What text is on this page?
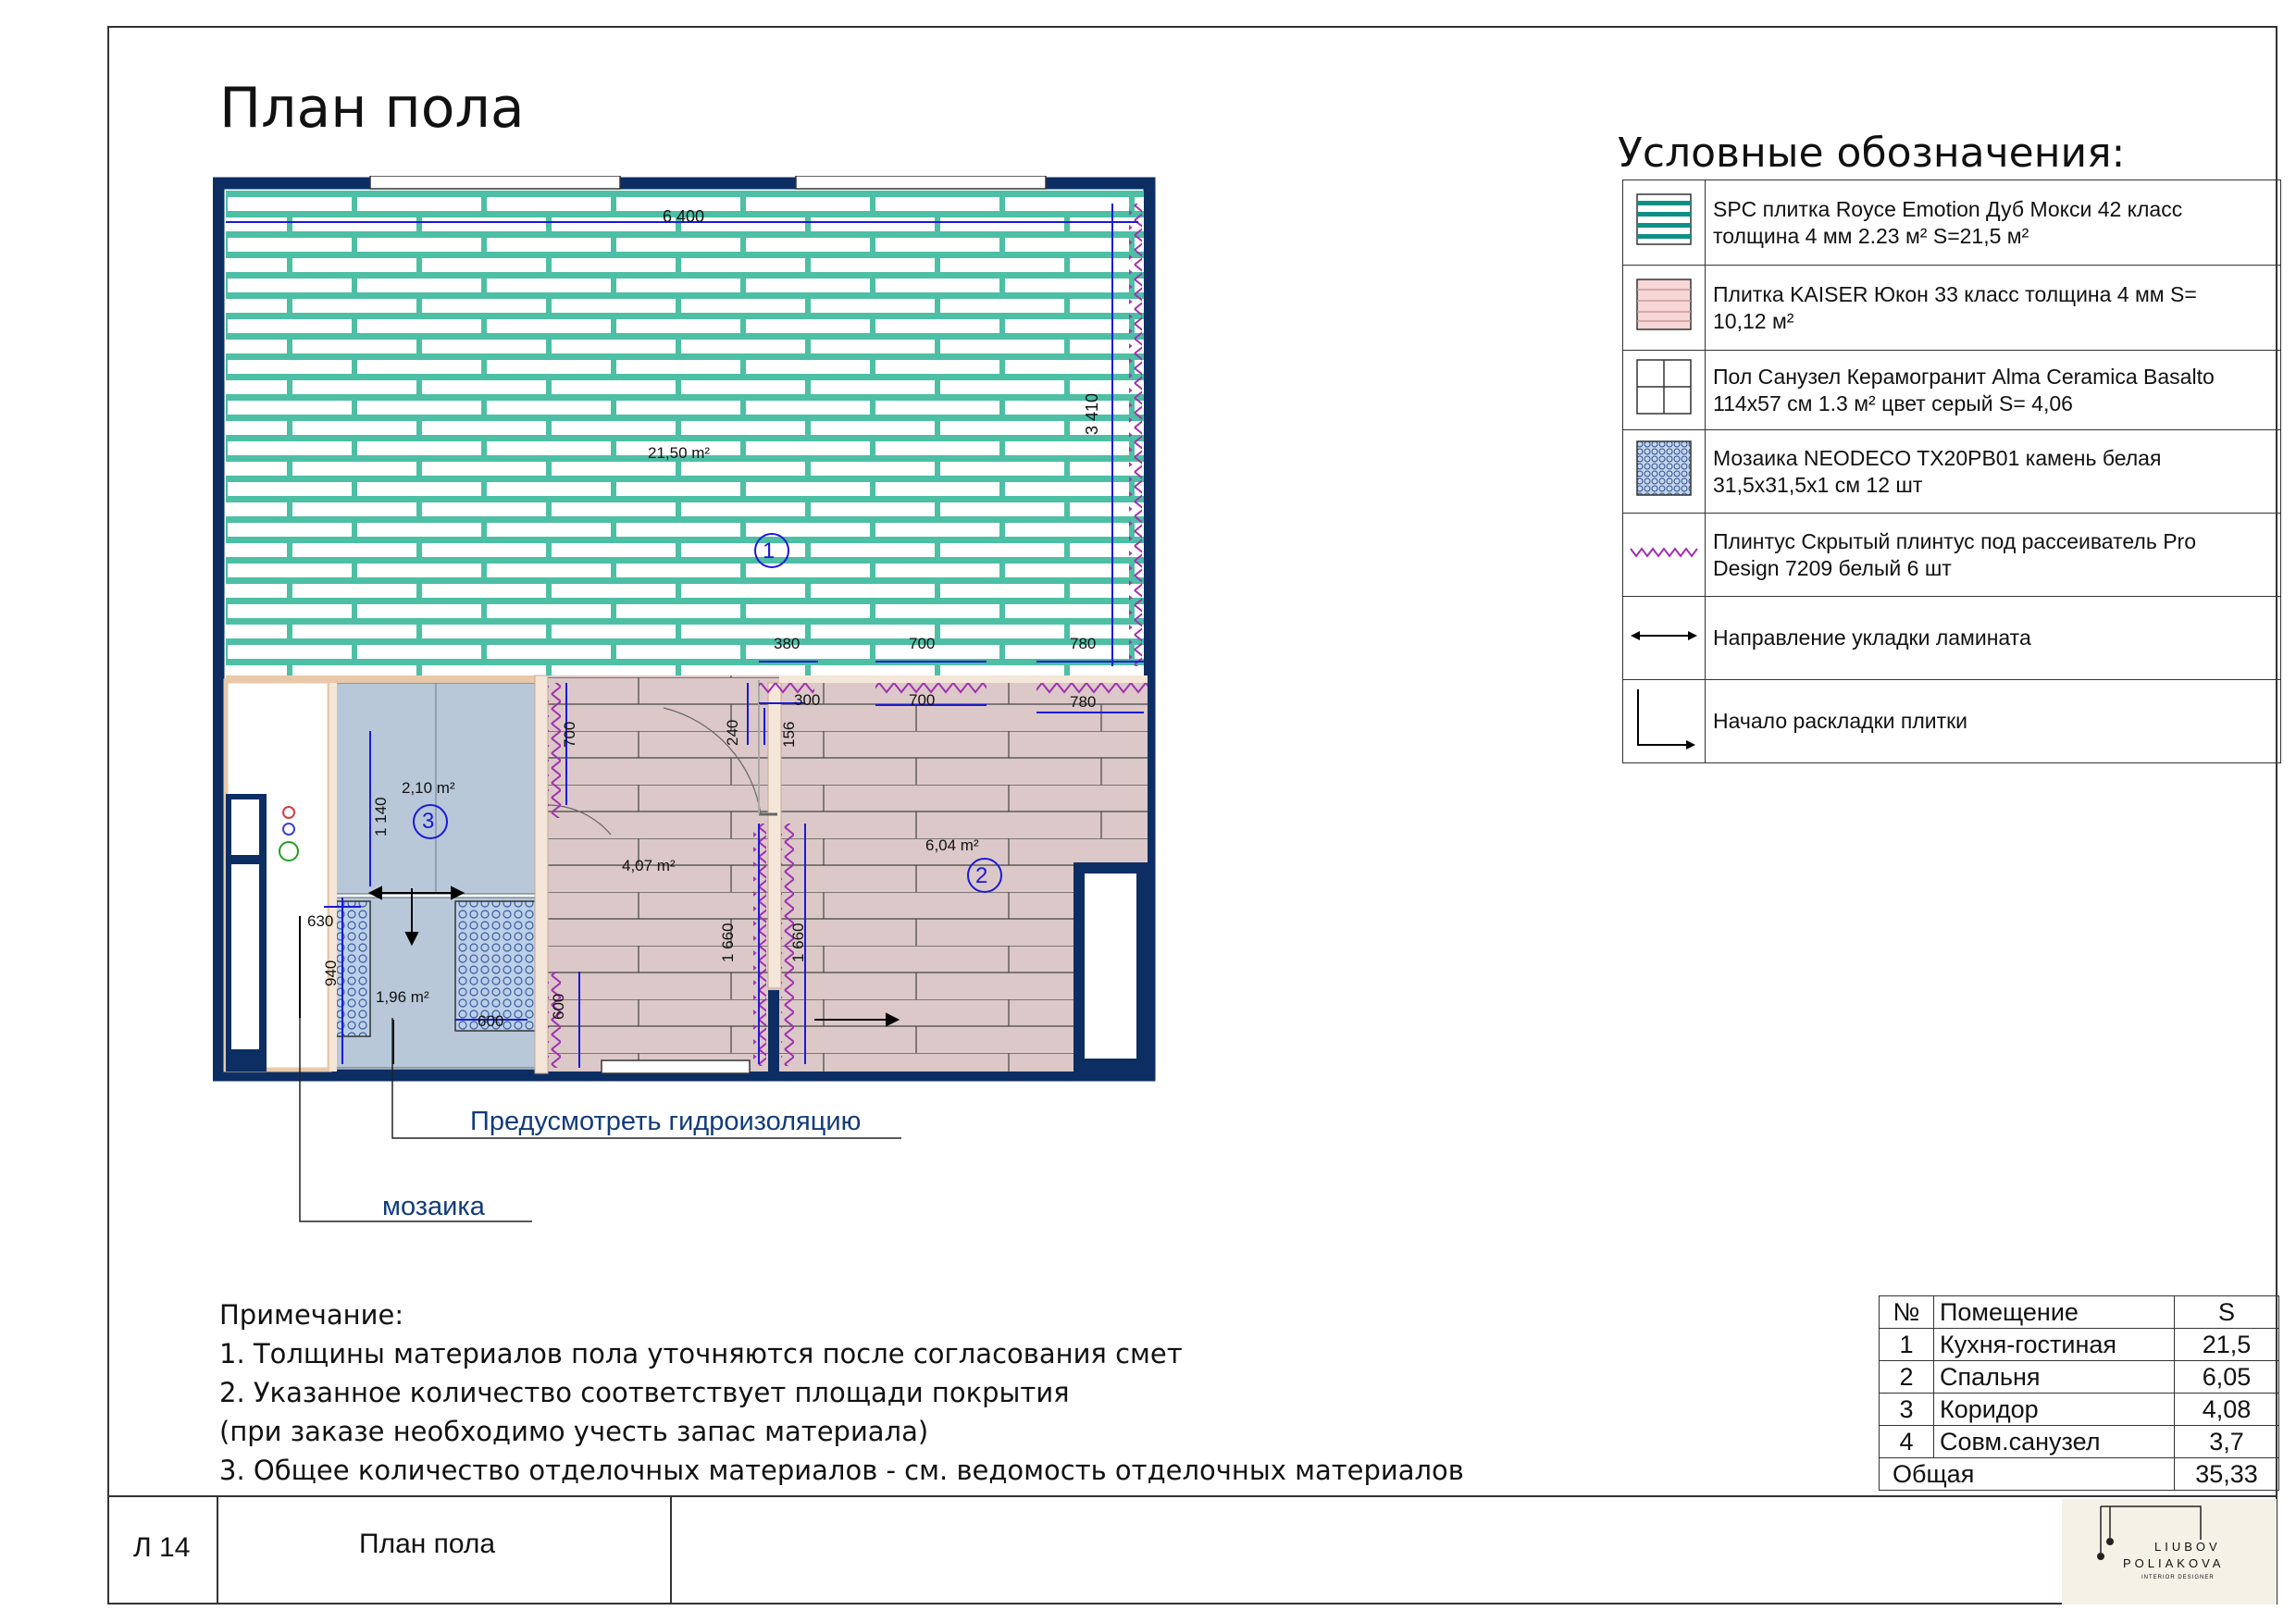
План пола
6 400
3 410
380	700	780
300	700	780
700	240 156
1 140
1 660	1 660
630
940
600
600
21,50 m²
6,04 m²
2,10 m²
4,07 m²
1,96 m²
1
2
3
Предусмотреть гидроизоляцию
мозаика
Условные обозначения:

SPC плитка Royce Emotion Дуб Мокси 42 класс
толщина 4 мм 2.23 м² S=21,5 м²

Плитка KAISER Юкон 33 класс толщина 4 мм S=
10,12 м²

Пол Санузел Керамогранит Alma Ceramica Basalto
114х57 см 1.3 м² цвет серый S= 4,06

Мозаика NEODECO TX20PB01 камень белая
31,5х31,5х1 см 12 шт

Плинтус Скрытый плинтус под рассеиватель Pro
Design 7209 белый 6 шт

Направление укладки ламината

Начало раскладки плитки
Примечание:
1. Толщины материалов пола уточняются после согласования смет
2. Указанное количество соответствует площади покрытия
(при заказе необходимо учесть запас материала)
3. Общее количество отделочных материалов - см. ведомость отделочных материалов
№	Помещение	S
1	Кухня-гостиная	21,5
2	Спальня	6,05
3	Коридор	4,08
4	Совм.санузел	3,7
Общая		35,33
Л 14	План пола	LIUBOV
POLIAKOVA
INTERIOR DESIGNER
